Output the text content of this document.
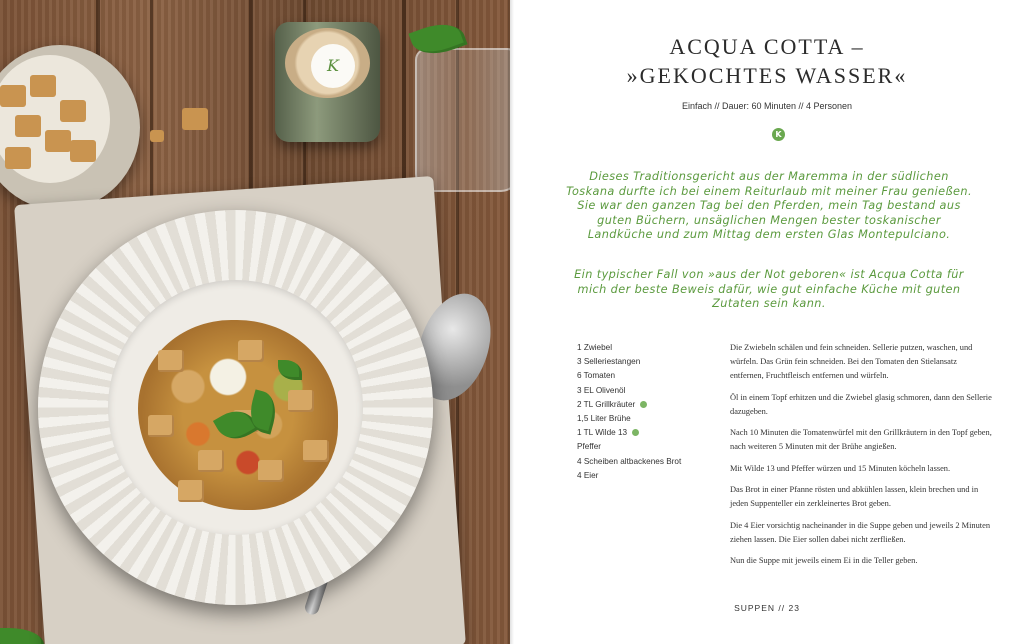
K
ACQUA COTTA –
»GEKOCHTES WASSER«
Einfach // Dauer: 60 Minuten // 4 Personen
K
Dieses Traditionsgericht aus der Maremma in der südlichen Toskana durfte ich bei einem Reiturlaub mit meiner Frau genießen. Sie war den ganzen Tag bei den Pferden, mein Tag bestand aus guten Büchern, unsäglichen Mengen bester toskanischer Landküche und zum Mittag dem ersten Glas Montepulciano.
Ein typischer Fall von »aus der Not geboren« ist Acqua Cotta für mich der beste Beweis dafür, wie gut einfache Küche mit guten Zutaten sein kann.
1 Zwiebel
3 Selleriestangen
6 Tomaten
3 EL Olivenöl
2 TL Grillkräuter
1,5 Liter Brühe
1 TL Wilde 13
Pfeffer
4 Scheiben altbackenes Brot
4 Eier

Die Zwiebeln schälen und fein schneiden. Sellerie putzen, waschen, und würfeln. Das Grün fein schneiden. Bei den Tomaten den Stielansatz entfernen, Fruchtfleisch entfernen und würfeln.

Öl in einem Topf erhitzen und die Zwiebel glasig schmoren, dann den Sellerie dazugeben.

Nach 10 Minuten die Tomatenwürfel mit den Grillkräutern in den Topf geben, nach weiteren 5 Minuten mit der Brühe angießen.

Mit Wilde 13 und Pfeffer würzen und 15 Minuten köcheln lassen.

Das Brot in einer Pfanne rösten und abkühlen lassen, klein brechen und in jeden Suppenteller ein zerkleinertes Brot geben.

Die 4 Eier vorsichtig nacheinander in die Suppe geben und jeweils 2 Minuten ziehen lassen. Die Eier sollen dabei nicht zerfließen.

Nun die Suppe mit jeweils einem Ei in die Teller geben.

SUPPEN // 23
